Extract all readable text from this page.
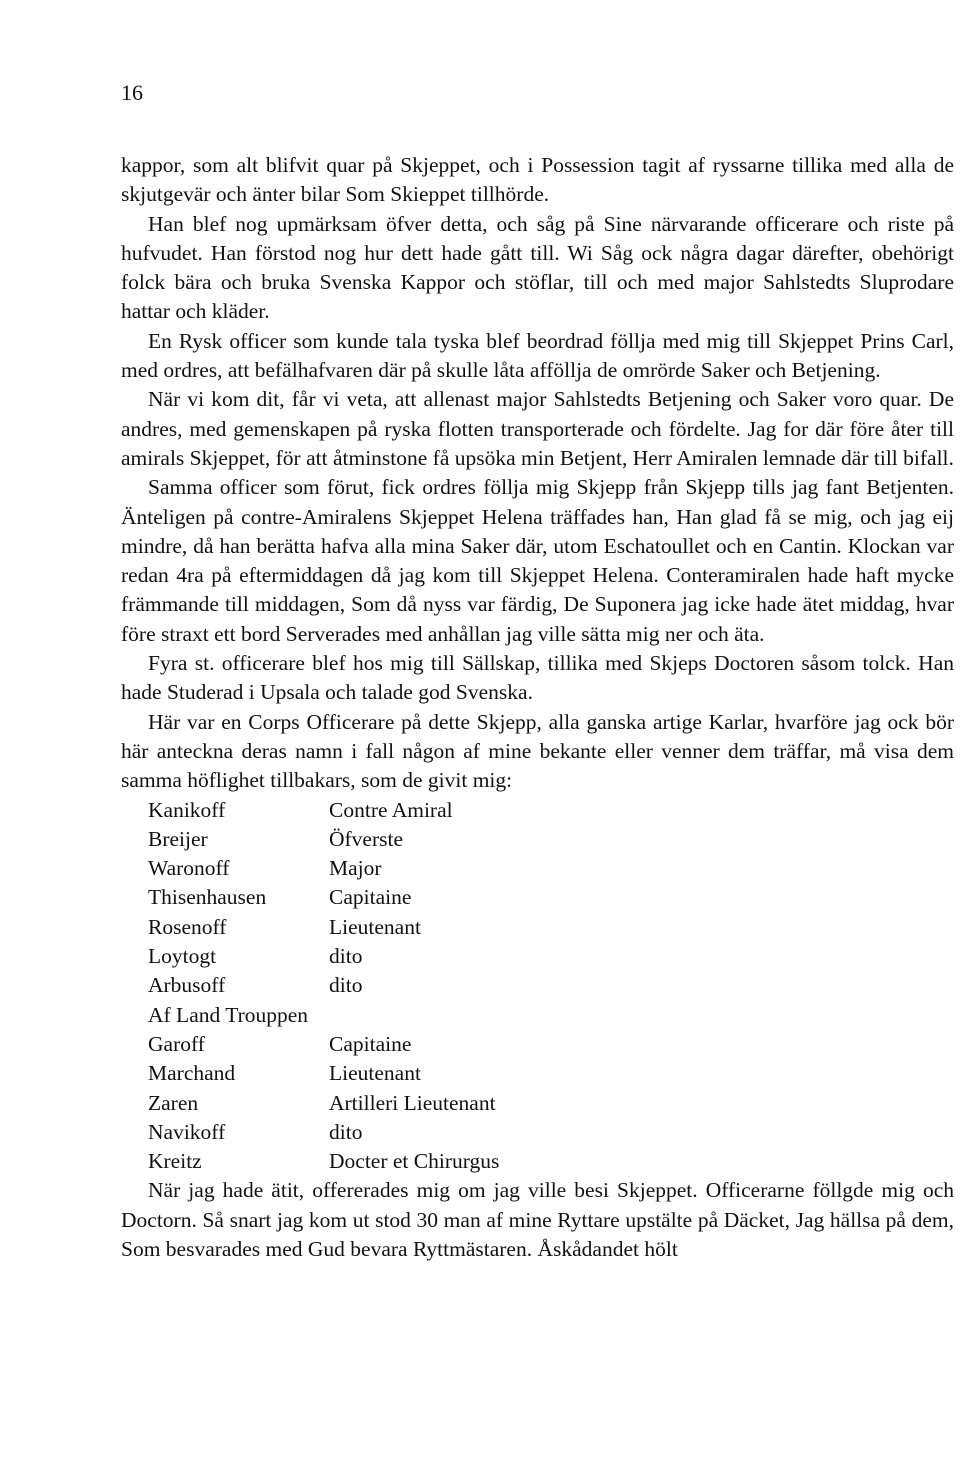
16

kappor, som alt blifvit quar på Skjeppet, och i Possession tagit af ryssarne tillika med alla de skjutgevär och änter bilar Som Skieppet tillhörde.

Han blef nog upmärksam öfver detta, och såg på Sine närvarande officerare och riste på hufvudet. Han förstod nog hur dett hade gått till. Wi Såg ock några dagar därefter, obehörigt folck bära och bruka Svenska Kappor och stöflar, till och med major Sahlstedts Sluprodare hattar och kläder.

En Rysk officer som kunde tala tyska blef beordrad föllja med mig till Skjeppet Prins Carl, med ordres, att befälhafvaren där på skulle låta afföllja de omrörde Saker och Betjening.

När vi kom dit, får vi veta, att allenast major Sahlstedts Betjening och Saker voro quar. De andres, med gemenskapen på ryska flotten transporterade och fördelte. Jag for där före åter till amirals Skjeppet, för att åtminstone få upsöka min Betjent, Herr Amiralen lemnade där till bifall.

Samma officer som förut, fick ordres föllja mig Skjepp från Skjepp tills jag fant Betjenten. Änteligen på contre-Amiralens Skjeppet Helena träffades han, Han glad få se mig, och jag eij mindre, då han berätta hafva alla mina Saker där, utom Eschatoullet och en Cantin. Klockan var redan 4ra på eftermiddagen då jag kom till Skjeppet Helena. Conteramiralen hade haft mycke främmande till middagen, Som då nyss var färdig, De Suponera jag icke hade ätet middag, hvar före straxt ett bord Serverades med anhållan jag ville sätta mig ner och äta.

Fyra st. officerare blef hos mig till Sällskap, tillika med Skjeps Doctoren såsom tolck. Han hade Studerad i Upsala och talade god Svenska.

Här var en Corps Officerare på dette Skjepp, alla ganska artige Karlar, hvarföre jag ock bör här anteckna deras namn i fall någon af mine bekante eller venner dem träffar, må visa dem samma höflighet tillbakars, som de givit mig:

Kanikoff	Contre Amiral
Breijer	Öfverste
Waronoff	Major
Thisenhausen	Capitaine
Rosenoff	Lieutenant
Loytogt	dito
Arbusoff	dito
Af Land Trouppen
Garoff	Capitaine
Marchand	Lieutenant
Zaren	Artilleri Lieutenant
Navikoff	dito
Kreitz	Docter et Chirurgus

När jag hade ätit, offererades mig om jag ville besi Skjeppet. Officerarne föllgde mig och Doctorn. Så snart jag kom ut stod 30 man af mine Ryttare upstälte på Däcket, Jag hällsa på dem, Som besvarades med Gud bevara Ryttmästaren. Åskådandet hölt
